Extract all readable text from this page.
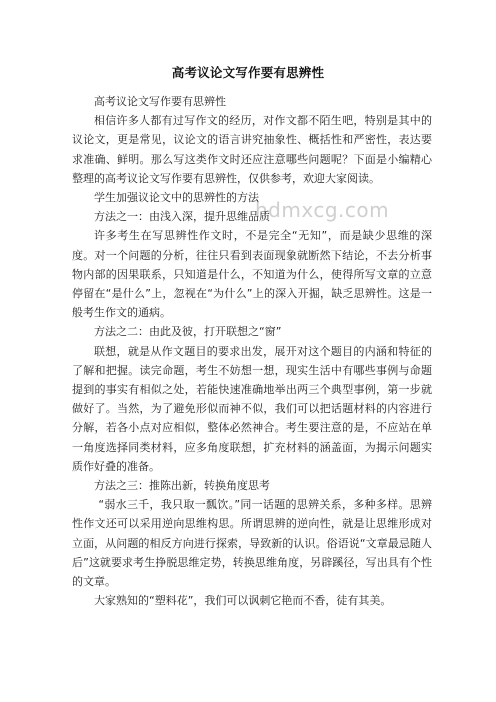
高考议论文写作要有思辨性
hdmxcg.com

高考议论文写作要有思辨性

相信许多人都有过写作文的经历，对作文都不陌生吧，特别是其中的议论文，更是常见，议论文的语言讲究抽象性、概括性和严密性，表达要求准确、鲜明。那么写这类作文时还应注意哪些问题呢？下面是小编精心整理的高考议论文写作要有思辨性，仅供参考，欢迎大家阅读。

学生加强议论文中的思辨性的方法

方法之一：由浅入深，提升思维品质

许多考生在写思辨性作文时，不是完全“无知”，而是缺少思维的深度。对一个问题的分析，往往只看到表面现象就断然下结论，不去分析事物内部的因果联系，只知道是什么，不知道为什么，使得所写文章的立意停留在“是什么”上，忽视在“为什么”上的深入开掘，缺乏思辨性。这是一般考生作文的通病。

方法之二：由此及彼，打开联想之“窗”

联想，就是从作文题目的要求出发，展开对这个题目的内涵和特征的了解和把握。读完命题，考生不妨想一想，现实生活中有哪些事例与命题提到的事实有相似之处，若能快速准确地举出两三个典型事例，第一步就做好了。当然，为了避免形似而神不似，我们可以把话题材料的内容进行分解，若各小点对应相似，整体必然神合。考生要注意的是，不应站在单一角度选择同类材料，应多角度联想，扩充材料的涵盖面，为揭示问题实质作好叠的准备。

方法之三：推陈出新，转换角度思考

“弱水三千，我只取一瓢饮。”同一话题的思辨关系，多种多样。思辨性作文还可以采用逆向思维构思。所谓思辨的逆向性，就是让思维形成对立面，从问题的相反方向进行探索，导致新的认识。俗语说“文章最忌随人后”这就要求考生挣脱思维定势，转换思维角度，另辟蹊径，写出具有个性的文章。

大家熟知的“塑料花”，我们可以讽刺它艳而不香，徒有其美。
